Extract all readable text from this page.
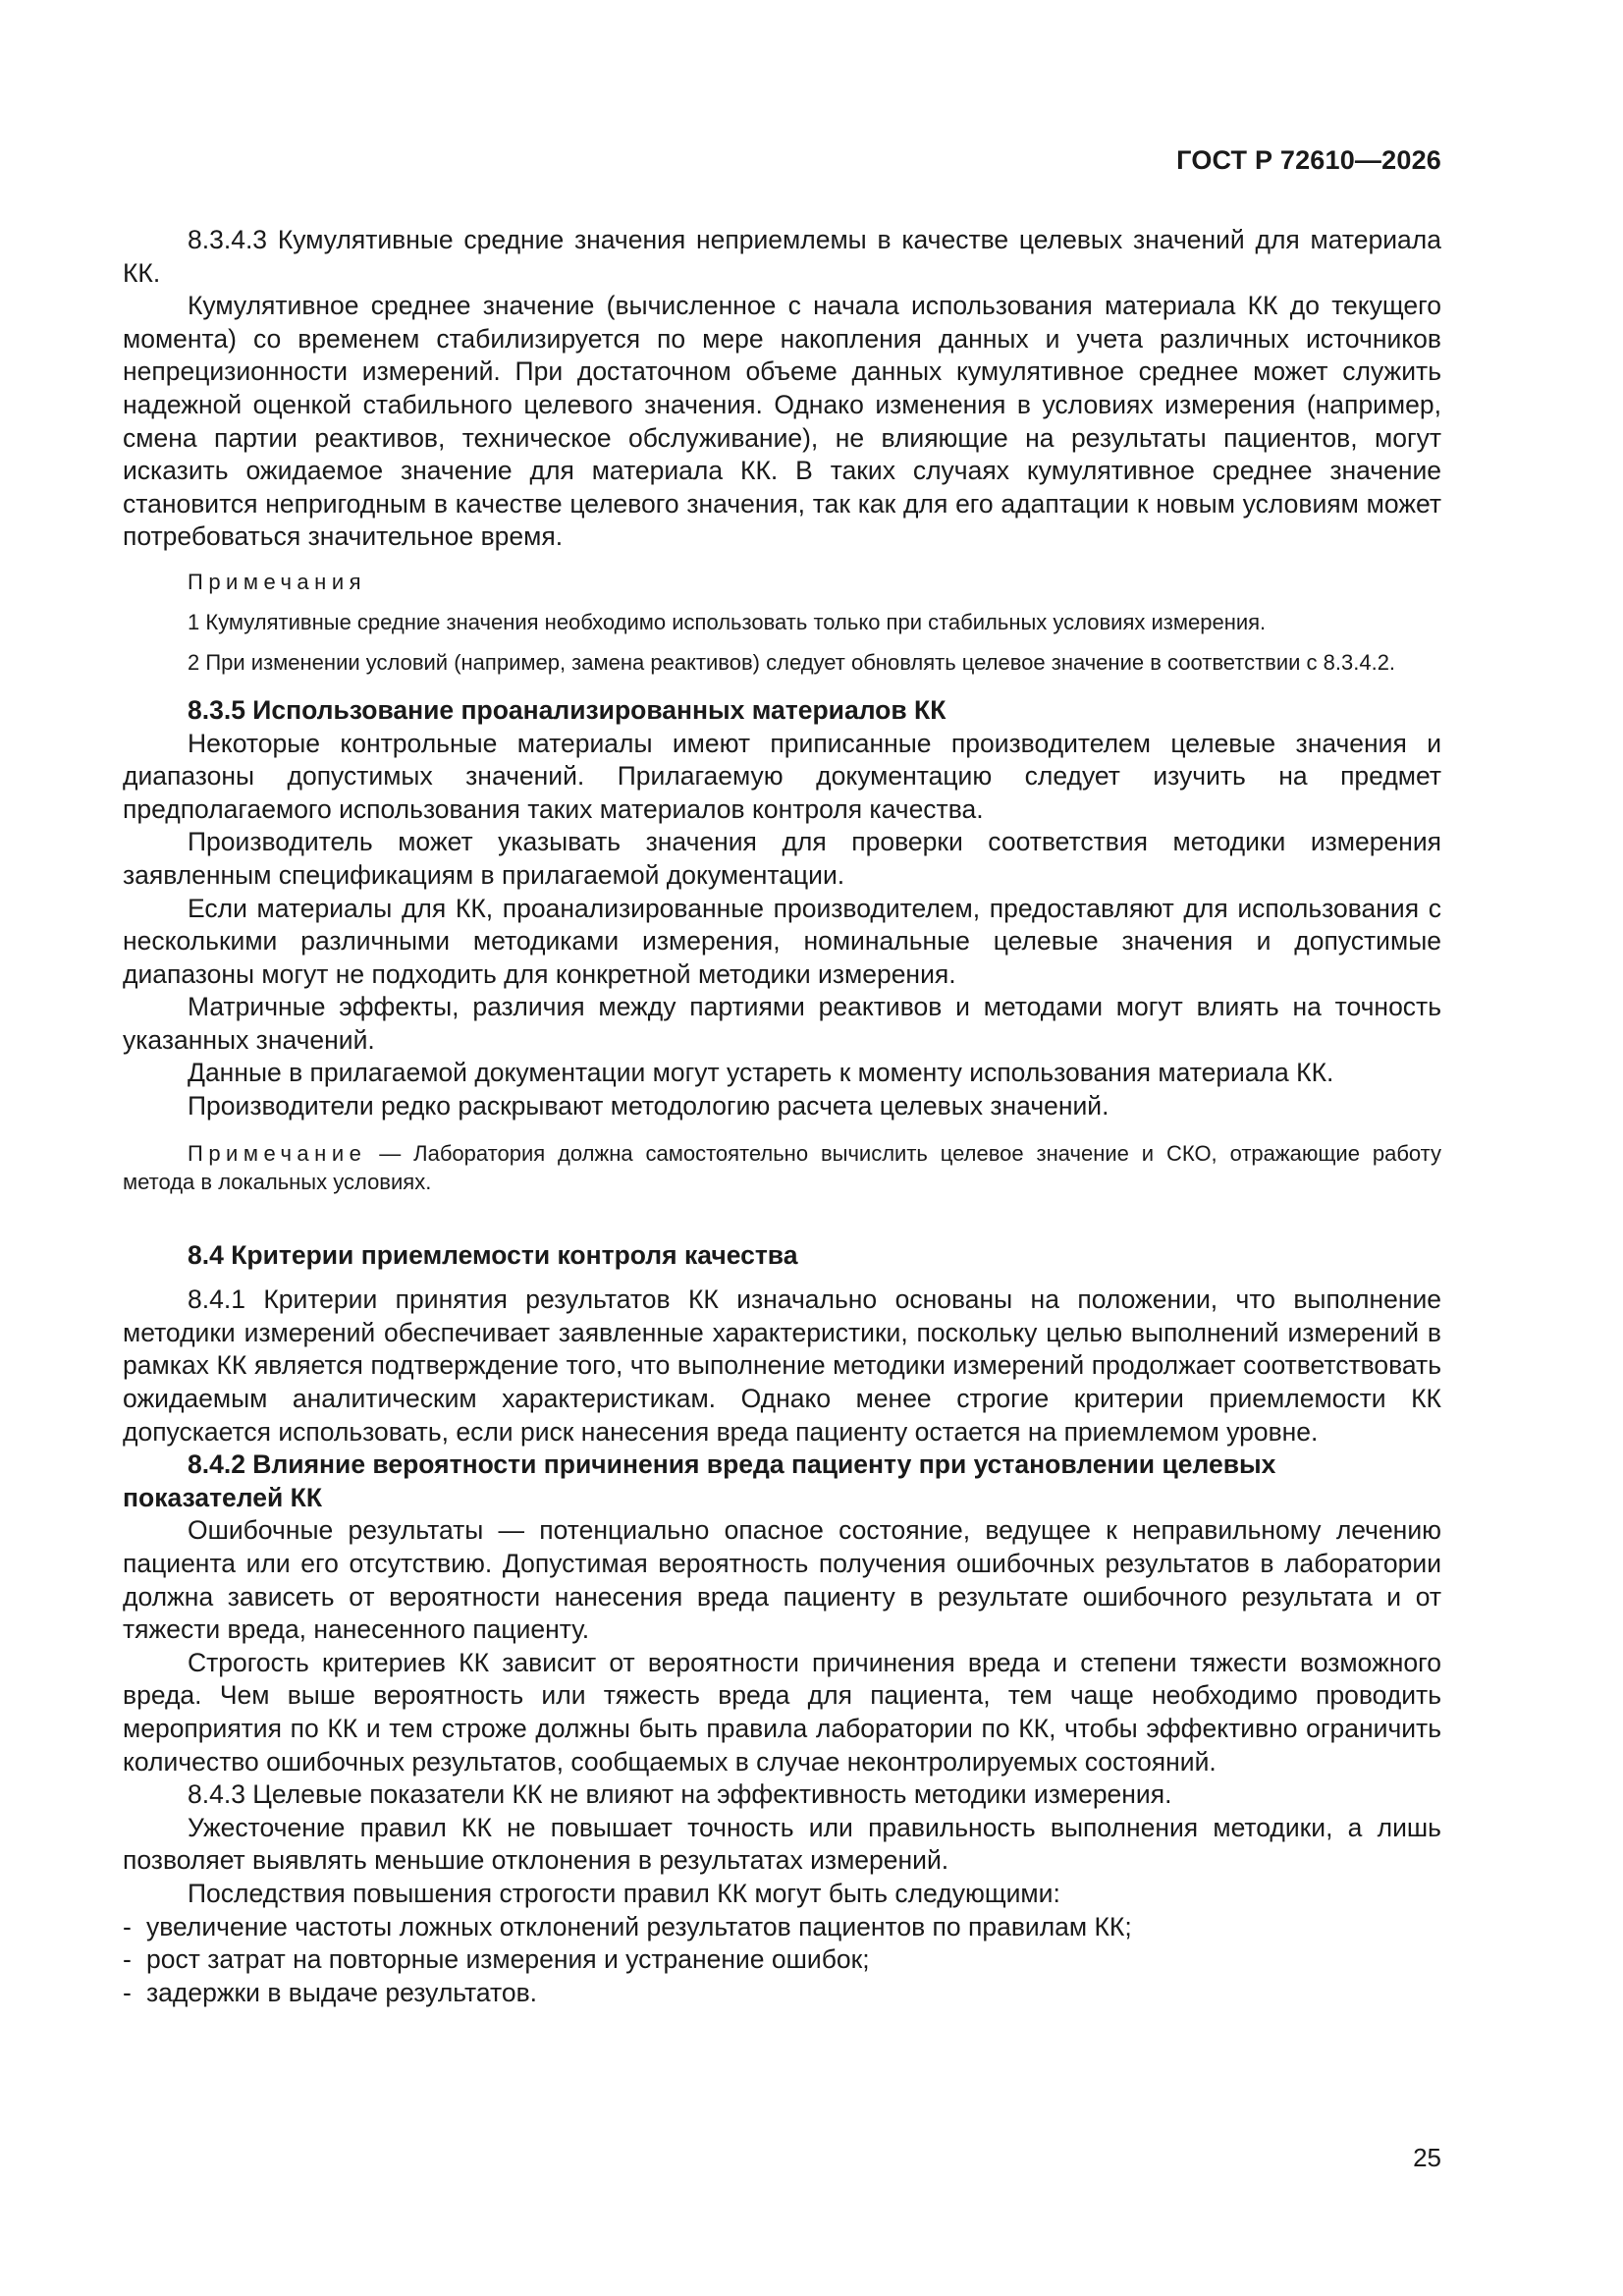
ГОСТ Р 72610—2026

8.3.4.3 Кумулятивные средние значения неприемлемы в качестве целевых значений для материала КК.

Кумулятивное среднее значение (вычисленное с начала использования материала КК до текущего момента) со временем стабилизируется по мере накопления данных и учета различных источников непрецизионности измерений. При достаточном объеме данных кумулятивное среднее может служить надежной оценкой стабильного целевого значения. Однако изменения в условиях измерения (например, смена партии реактивов, техническое обслуживание), не влияющие на результаты пациентов, могут исказить ожидаемое значение для материала КК. В таких случаях кумулятивное среднее значение становится непригодным в качестве целевого значения, так как для его адаптации к новым условиям может потребоваться значительное время.

Примечания

1 Кумулятивные средние значения необходимо использовать только при стабильных условиях измерения.

2 При изменении условий (например, замена реактивов) следует обновлять целевое значение в соответствии с 8.3.4.2.

8.3.5 Использование проанализированных материалов КК

Некоторые контрольные материалы имеют приписанные производителем целевые значения и диапазоны допустимых значений. Прилагаемую документацию следует изучить на предмет предполагаемого использования таких материалов контроля качества.

Производитель может указывать значения для проверки соответствия методики измерения заявленным спецификациям в прилагаемой документации.

Если материалы для КК, проанализированные производителем, предоставляют для использования с несколькими различными методиками измерения, номинальные целевые значения и допустимые диапазоны могут не подходить для конкретной методики измерения.

Матричные эффекты, различия между партиями реактивов и методами могут влиять на точность указанных значений.

Данные в прилагаемой документации могут устареть к моменту использования материала КК.

Производители редко раскрывают методологию расчета целевых значений.

Примечание — Лаборатория должна самостоятельно вычислить целевое значение и СКО, отражающие работу метода в локальных условиях.

8.4 Критерии приемлемости контроля качества

8.4.1 Критерии принятия результатов КК изначально основаны на положении, что выполнение методики измерений обеспечивает заявленные характеристики, поскольку целью выполнений измерений в рамках КК является подтверждение того, что выполнение методики измерений продолжает соответствовать ожидаемым аналитическим характеристикам. Однако менее строгие критерии приемлемости КК допускается использовать, если риск нанесения вреда пациенту остается на приемлемом уровне.

8.4.2 Влияние вероятности причинения вреда пациенту при установлении целевых показателей КК

Ошибочные результаты — потенциально опасное состояние, ведущее к неправильному лечению пациента или его отсутствию. Допустимая вероятность получения ошибочных результатов в лаборатории должна зависеть от вероятности нанесения вреда пациенту в результате ошибочного результата и от тяжести вреда, нанесенного пациенту.

Строгость критериев КК зависит от вероятности причинения вреда и степени тяжести возможного вреда. Чем выше вероятность или тяжесть вреда для пациента, тем чаще необходимо проводить мероприятия по КК и тем строже должны быть правила лаборатории по КК, чтобы эффективно ограничить количество ошибочных результатов, сообщаемых в случае неконтролируемых состояний.

8.4.3 Целевые показатели КК не влияют на эффективность методики измерения.

Ужесточение правил КК не повышает точность или правильность выполнения методики, а лишь позволяет выявлять меньшие отклонения в результатах измерений.

Последствия повышения строгости правил КК могут быть следующими:

- увеличение частоты ложных отклонений результатов пациентов по правилам КК;
- рост затрат на повторные измерения и устранение ошибок;
- задержки в выдаче результатов.
25
